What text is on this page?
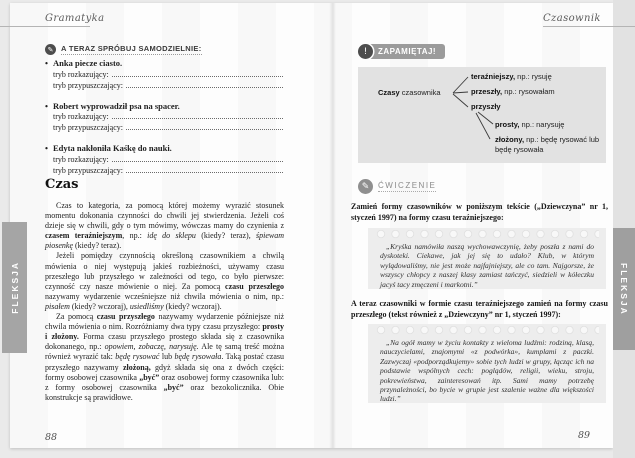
Gramatyka	Czasownik
✎	A TERAZ SPRÓBUJ SAMODZIELNIE:
• Anka piecze ciasto.
tryb rozkazujący:
tryb przypuszczający:
• Robert wyprowadził psa na spacer.
tryb rozkazujący:
tryb przypuszczający:
• Edyta nakłoniła Kaśkę do nauki.
tryb rozkazujący:
tryb przypuszczający:
Czas

Czas to kategoria, za pomocą której możemy wyrazić stosunek momentu dokonania czynności do chwili jej stwierdzenia. Jeżeli coś dzieje się w chwili, gdy o tym mówimy, wówczas mamy do czynienia z czasem teraźniejszym, np.: idę do sklepu (kiedy? teraz), śpiewam piosenkę (kiedy? teraz).

Jeżeli pomiędzy czynnością określoną czasownikiem a chwilą mówienia o niej występują jakieś rozbieżności, używamy czasu przeszłego lub przyszłego w zależności od tego, co było pierwsze: czynność czy nasze mówienie o niej. Za pomocą czasu przeszłego nazywamy wydarzenie wcześniejsze niż chwila mówienia o nim, np.: pisałem (kiedy? wczoraj), usiedliśmy (kiedy? wczoraj).

Za pomocą czasu przyszłego nazywamy wydarzenie późniejsze niż chwila mówienia o nim. Rozróżniamy dwa typy czasu przyszłego: prosty i złożony. Forma czasu przyszłego prostego składa się z czasownika dokonanego, np.: opowiem, zobaczę, narysuję. Ale tę samą treść można również wyrazić tak: będę rysować lub będę rysowała. Taką postać czasu przyszłego nazywamy złożoną, gdyż składa się ona z dwóch części: formy osobowej czasownika „być” oraz osobowej formy czasownika lub: z formy osobowej czasownika „być” oraz bezokolicznika. Obie konstrukcje są prawidłowe.

88
!	ZAPAMIĘTAJ!
Czasy czasownika
teraźniejszy, np.: rysuję
przeszły, np.: rysowałam
przyszły
prosty, np.: narysuję
złożony, np.: będę rysować lub będę rysowała
✎	ĆWICZENIE
Zamień formy czasowników w poniższym tekście („Dziewczyna” nr 1, styczeń 1997) na formy czasu teraźniejszego:
„Kryśka namówiła naszą wychowawczynię, żeby poszła z nami do dyskoteki. Ciekawe, jak jej się to udało? Klub, w którym wylądowaliśmy, nie jest może najfajniejszy, ale co tam. Najgorsze, że wszyscy chłopcy z naszej klasy zamiast tańczyć, siedzieli w kółeczku jacyś tacy zmęczeni i markotni.”
A teraz czasowniki w formie czasu teraźniejszego zamień na formy czasu przeszłego (tekst również z „Dziewczyny” nr 1, styczeń 1997):
„Na ogół mamy w życiu kontakty z wieloma ludźmi: rodziną, klasą, nauczycielami, znajomymi «z podwórka», kumplami z paczki. Zazwyczaj «podporządkujemy» sobie tych ludzi w grupy, łącząc ich na podstawie wspólnych cech: poglądów, religii, wieku, stroju, pokrewieństwa, zainteresowań itp. Sami mamy potrzebę przynależności, bo bycie w grupie jest szalenie ważne dla większości ludzi.”
89
FLEKSJA	FLEKSJA
